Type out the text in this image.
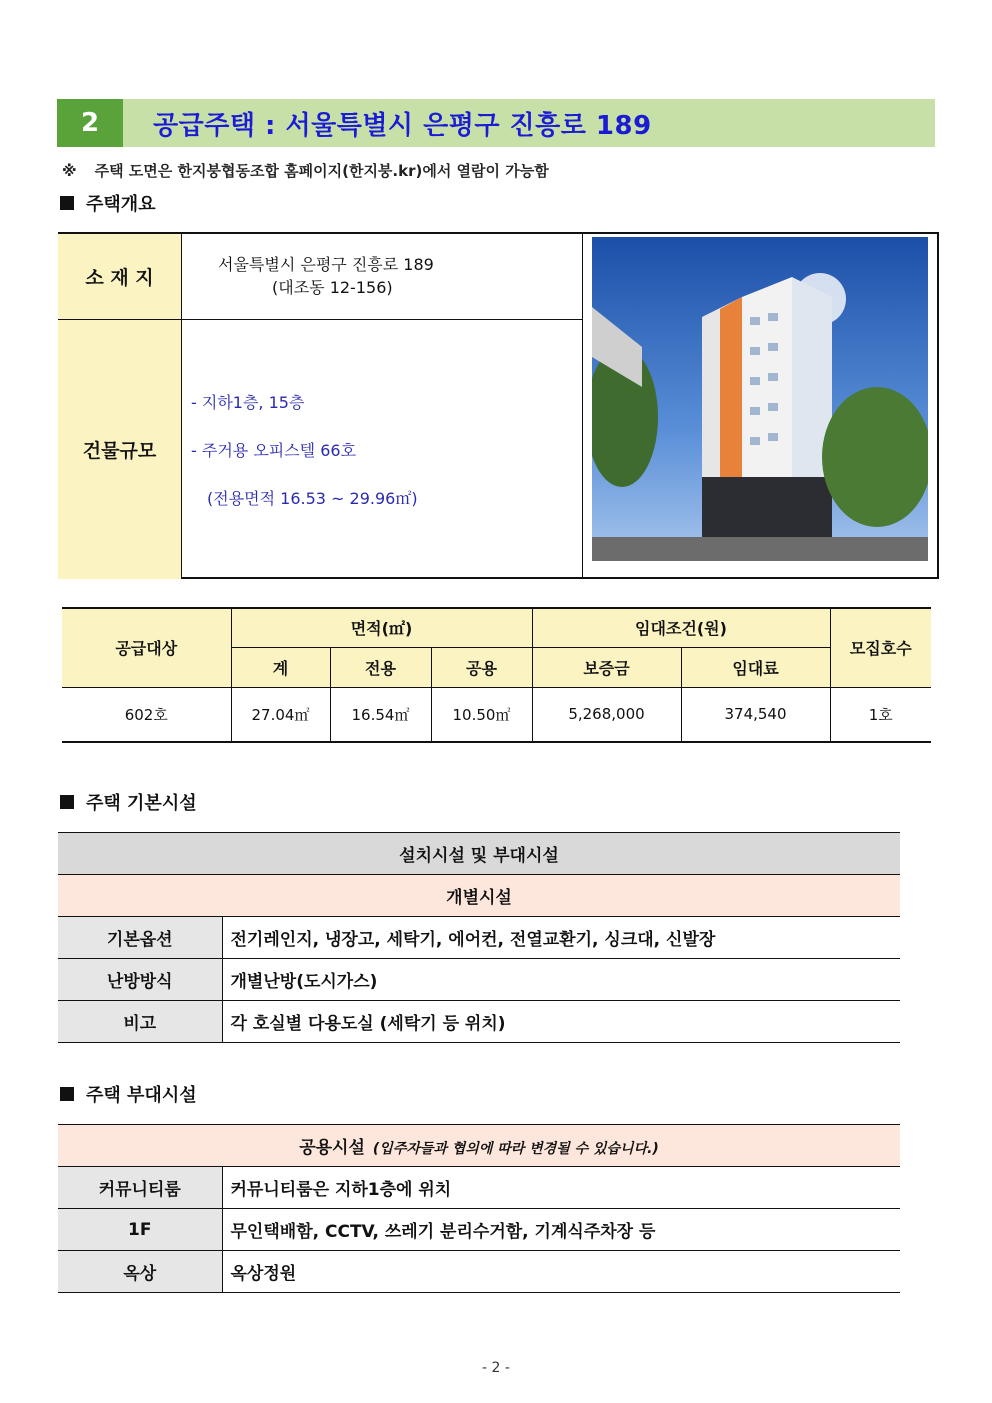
2	공급주택 : 서울특별시 은평구 진흥로 189
※ 주택 도면은 한지붕협동조합 홈페이지(한지붕.kr)에서 열람이 가능함
주택개요
소 재 지
서울특별시 은평구 진흥로 189
(대조동 12-156)
건물규모
- 지하1층, 15층
- 주거용 오피스텔 66호
(전용면적 16.53 ~ 29.96㎡)
공급대상	면적(㎡)			임대조건(원)		모집호수
	계	전용	공용	보증금	임대료	
602호	27.04㎡	16.54㎡	10.50㎡	5,268,000	374,540	1호
주택 기본시설
설치시설 및 부대시설	
개별시설	
기본옵션	전기레인지, 냉장고, 세탁기, 에어컨, 전열교환기, 싱크대, 신발장
난방방식	개별난방(도시가스)
비고	각 호실별 다용도실 (세탁기 등 위치)
주택 부대시설
공용시설 (입주자들과 협의에 따라 변경될 수 있습니다.)	
커뮤니티룸	커뮤니티룸은 지하1층에 위치
1F	무인택배함, CCTV, 쓰레기 분리수거함, 기계식주차장 등
옥상	옥상정원
- 2 -
